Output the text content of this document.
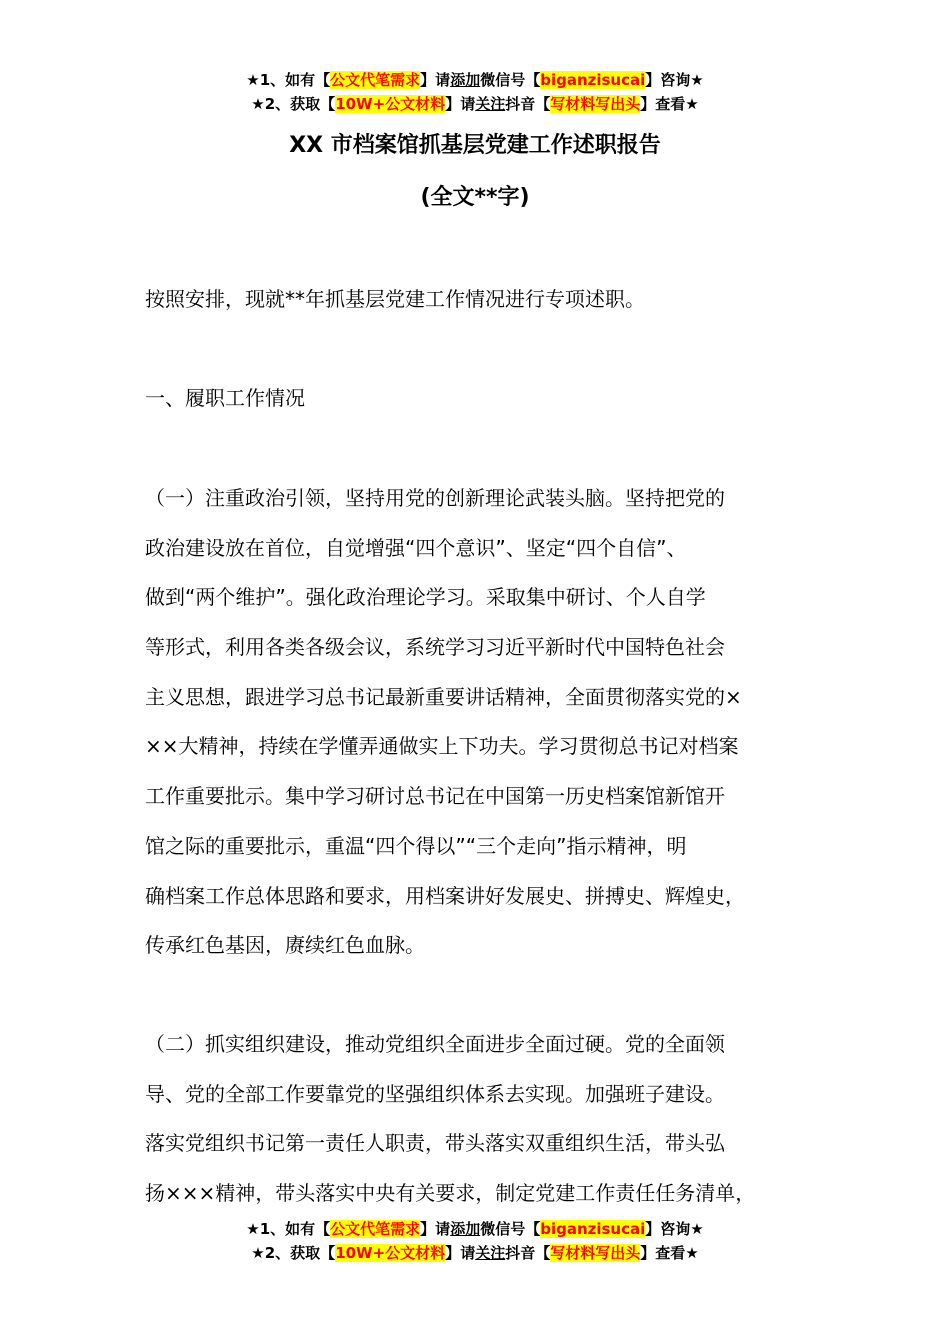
★1、如有【公文代笔需求】请添加微信号【biganzisucai】咨询★
★2、获取【10W+公文材料】请关注抖音【写材料写出头】查看★
XX 市档案馆抓基层党建工作述职报告
(全文**字)
按照安排，现就**年抓基层党建工作情况进行专项述职。
一、履职工作情况
（一）注重政治引领，坚持用党的创新理论武装头脑。坚持把党的
政治建设放在首位，自觉增强“四个意识”、坚定“四个自信”、
做到“两个维护”。强化政治理论学习。采取集中研讨、个人自学
等形式，利用各类各级会议，系统学习习近平新时代中国特色社会
主义思想，跟进学习总书记最新重要讲话精神，全面贯彻落实党的×
××大精神，持续在学懂弄通做实上下功夫。学习贯彻总书记对档案
工作重要批示。集中学习研讨总书记在中国第一历史档案馆新馆开
馆之际的重要批示，重温“四个得以”“三个走向”指示精神，明
确档案工作总体思路和要求，用档案讲好发展史、拼搏史、辉煌史，
传承红色基因，赓续红色血脉。
（二）抓实组织建设，推动党组织全面进步全面过硬。党的全面领
导、党的全部工作要靠党的坚强组织体系去实现。加强班子建设。
落实党组织书记第一责任人职责，带头落实双重组织生活，带头弘
扬×××精神，带头落实中央有关要求，制定党建工作责任任务清单，
★1、如有【公文代笔需求】请添加微信号【biganzisucai】咨询★
★2、获取【10W+公文材料】请关注抖音【写材料写出头】查看★
